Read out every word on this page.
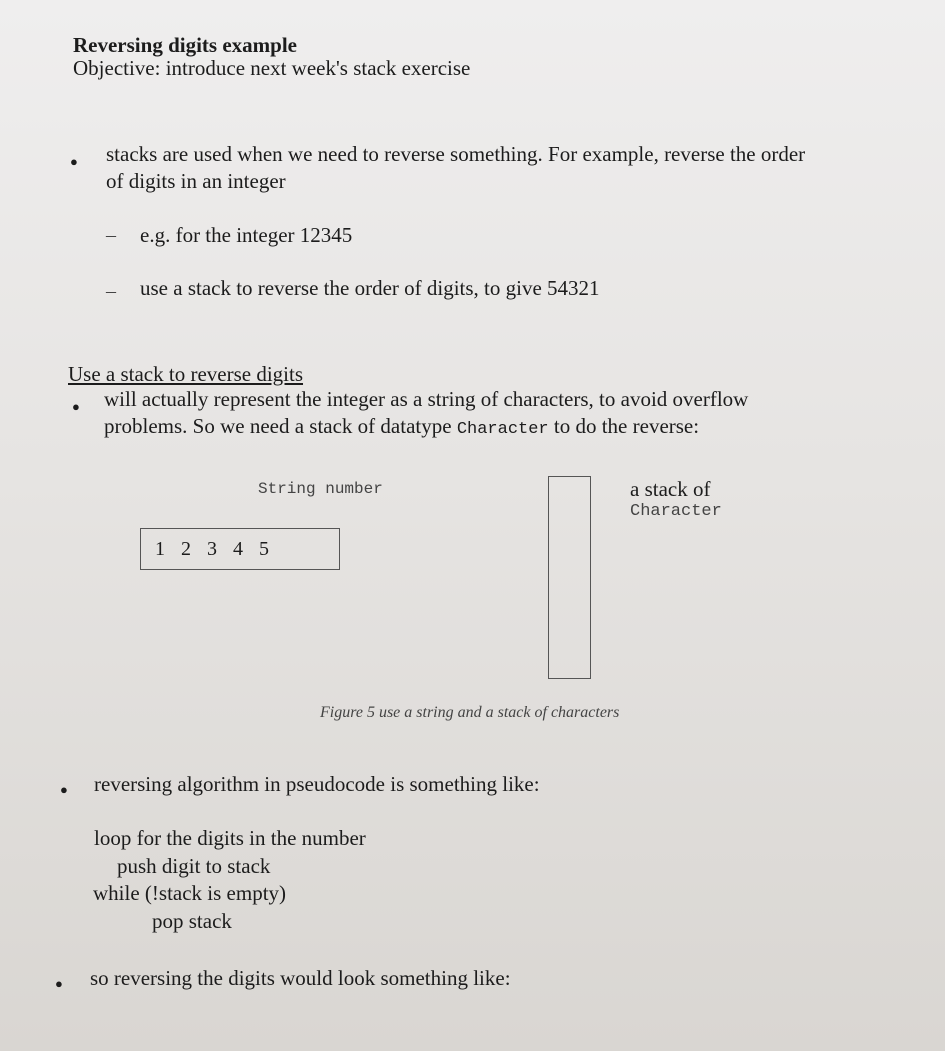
Reversing digits example
Objective: introduce next week's stack exercise
● stacks are used when we need to reverse something. For example, reverse the order
of digits in an integer
– e.g. for the integer 12345
– use a stack to reverse the order of digits, to give 54321
Use a stack to reverse digits
● will actually represent the integer as a string of characters, to avoid overflow
problems. So we need a stack of datatype Character to do the reverse:
String number
1 2 3 4 5
a stack of
Character
Figure 5 use a string and a stack of characters
● reversing algorithm in pseudocode is something like:
loop for the digits in the number
push digit to stack
while (!stack is empty)
pop stack
● so reversing the digits would look something like:
